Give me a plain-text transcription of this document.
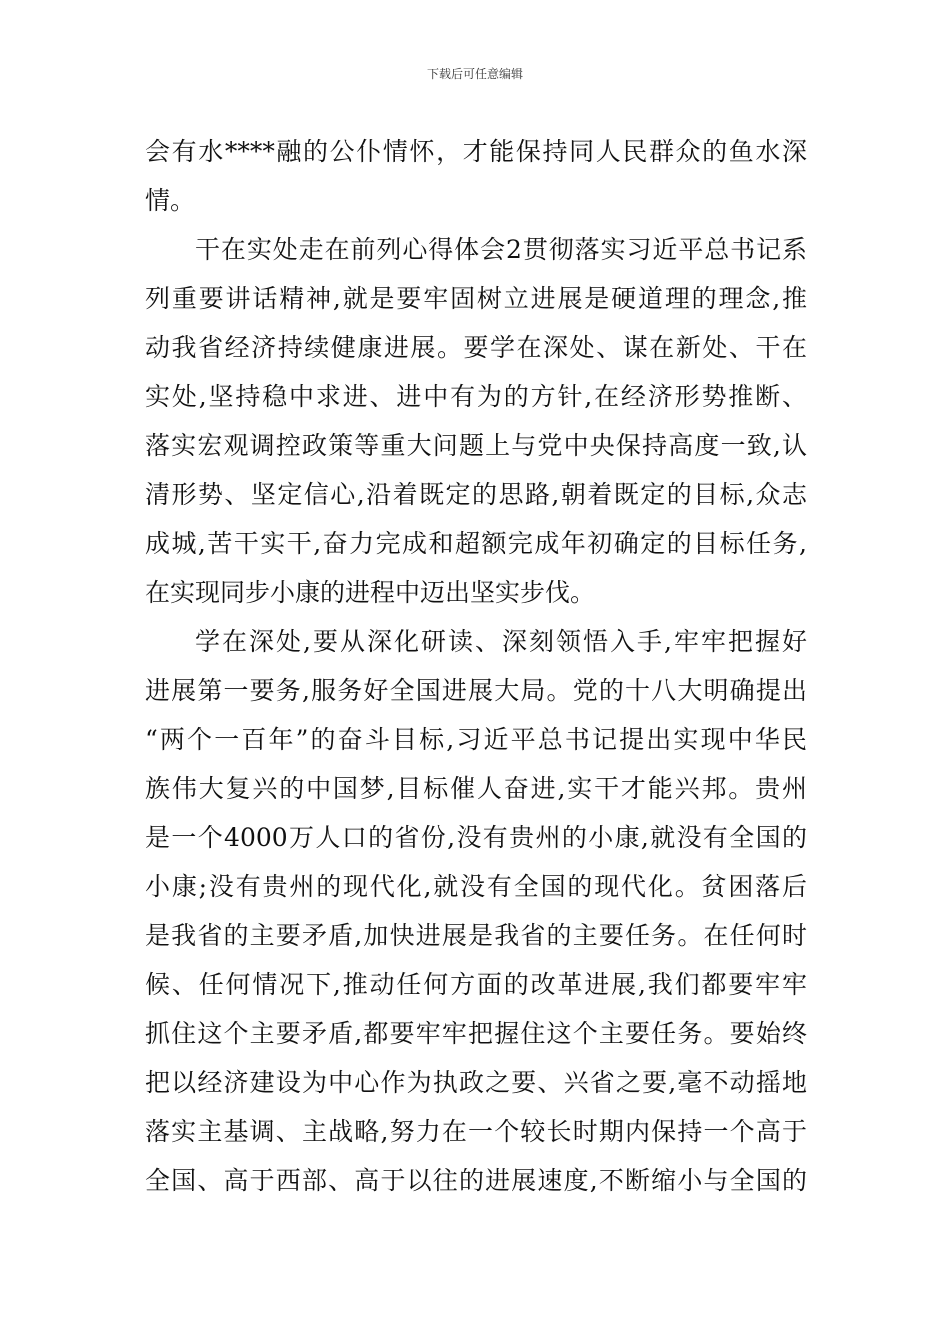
下载后可任意编辑
会有水****融的公仆情怀，才能保持同人民群众的鱼水深
情。
干在实处走在前列心得体会2贯彻落实习近平总书记系
列重要讲话精神,就是要牢固树立进展是硬道理的理念,推
动我省经济持续健康进展。要学在深处、谋在新处、干在
实处,坚持稳中求进、进中有为的方针,在经济形势推断、
落实宏观调控政策等重大问题上与党中央保持高度一致,认
清形势、坚定信心,沿着既定的思路,朝着既定的目标,众志
成城,苦干实干,奋力完成和超额完成年初确定的目标任务,
在实现同步小康的进程中迈出坚实步伐。
学在深处,要从深化研读、深刻领悟入手,牢牢把握好
进展第一要务,服务好全国进展大局。党的十八大明确提出
“两个一百年”的奋斗目标,习近平总书记提出实现中华民
族伟大复兴的中国梦,目标催人奋进,实干才能兴邦。贵州
是一个4000万人口的省份,没有贵州的小康,就没有全国的
小康;没有贵州的现代化,就没有全国的现代化。贫困落后
是我省的主要矛盾,加快进展是我省的主要任务。在任何时
候、任何情况下,推动任何方面的改革进展,我们都要牢牢
抓住这个主要矛盾,都要牢牢把握住这个主要任务。要始终
把以经济建设为中心作为执政之要、兴省之要,毫不动摇地
落实主基调、主战略,努力在一个较长时期内保持一个高于
全国、高于西部、高于以往的进展速度,不断缩小与全国的
